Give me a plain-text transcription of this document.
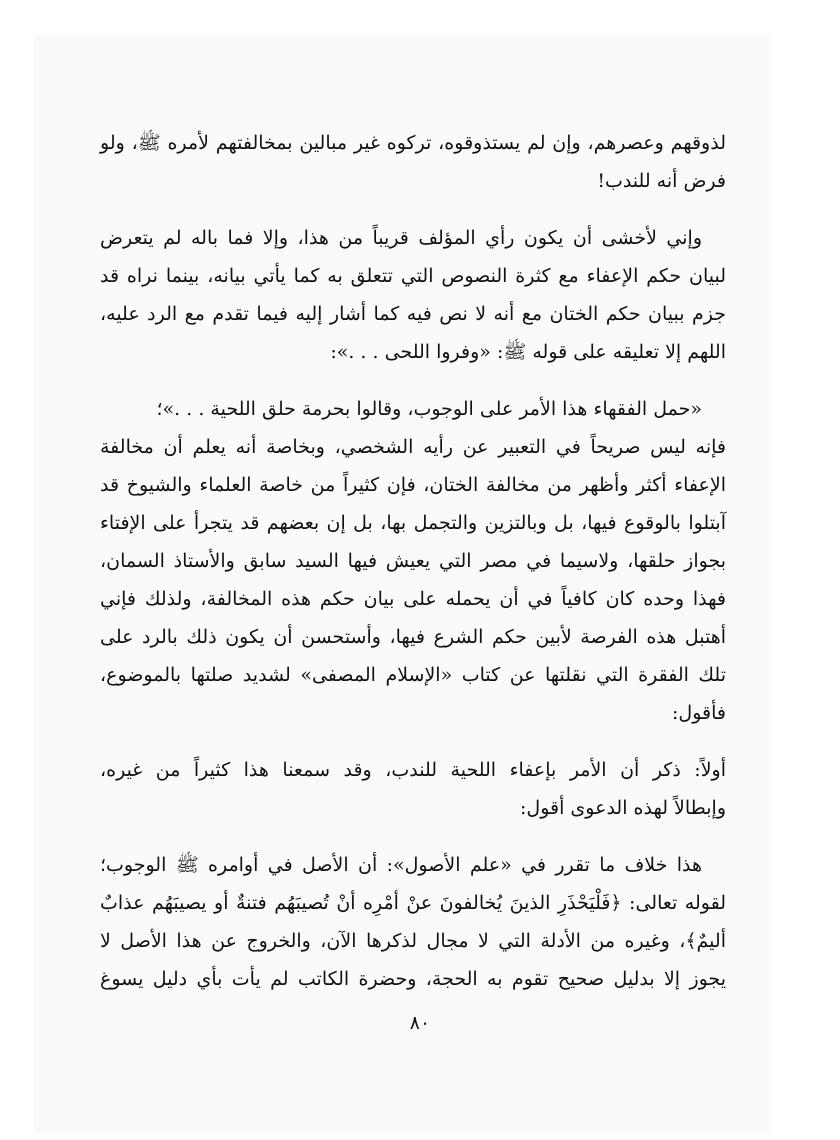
لذوقهم وعصرهم، وإن لم يستذوقوه، تركوه غير مبالين بمخالفتهم لأمره ﷺ، ولو
فرض أنه للندب!
وإني لأخشى أن يكون رأي المؤلف قريباً من هذا، وإلا فما باله لم يتعرض
لبيان حكم الإعفاء مع كثرة النصوص التي تتعلق به كما يأتي بيانه، بينما نراه قد
جزم ببيان حكم الختان مع أنه لا نص فيه كما أشار إليه فيما تقدم مع الرد عليه،
اللهم إلا تعليقه على قوله ﷺ: «وفروا اللحى . . .»:
«حمل الفقهاء هذا الأمر على الوجوب، وقالوا بحرمة حلق اللحية . . .»؛
فإنه ليس صريحاً في التعبير عن رأيه الشخصي، وبخاصة أنه يعلم أن مخالفة
الإعفاء أكثر وأظهر من مخالفة الختان، فإن كثيراً من خاصة العلماء والشيوخ قد
آبتلوا بالوقوع فيها، بل وبالتزين والتجمل بها، بل إن بعضهم قد يتجرأ على الإفتاء
بجواز حلقها، ولاسيما في مصر التي يعيش فيها السيد سابق والأستاذ السمان،
فهذا وحده كان كافياً في أن يحمله على بيان حكم هذه المخالفة، ولذلك فإني
أهتبل هذه الفرصة لأبين حكم الشرع فيها، وأستحسن أن يكون ذلك بالرد على
تلك الفقرة التي نقلتها عن كتاب «الإسلام المصفى» لشديد صلتها بالموضوع،
فأقول:
أولاً: ذكر أن الأمر بإعفاء اللحية للندب، وقد سمعنا هذا كثيراً من غيره،
وإبطالاً لهذه الدعوى أقول:
هذا خلاف ما تقرر في «علم الأصول»: أن الأصل في أوامره ﷺ الوجوب؛
لقوله تعالى: ﴿فَلْيَحْذَرِ الذينَ يُخالفونَ عنْ أمْرِه أنْ تُصيبَهُم فتنةٌ أو يصيبَهُم عذابٌ
أليمٌ﴾، وغيره من الأدلة التي لا مجال لذكرها الآن، والخروج عن هذا الأصل لا
يجوز إلا بدليل صحيح تقوم به الحجة، وحضرة الكاتب لم يأت بأي دليل يسوغ
٨٠
